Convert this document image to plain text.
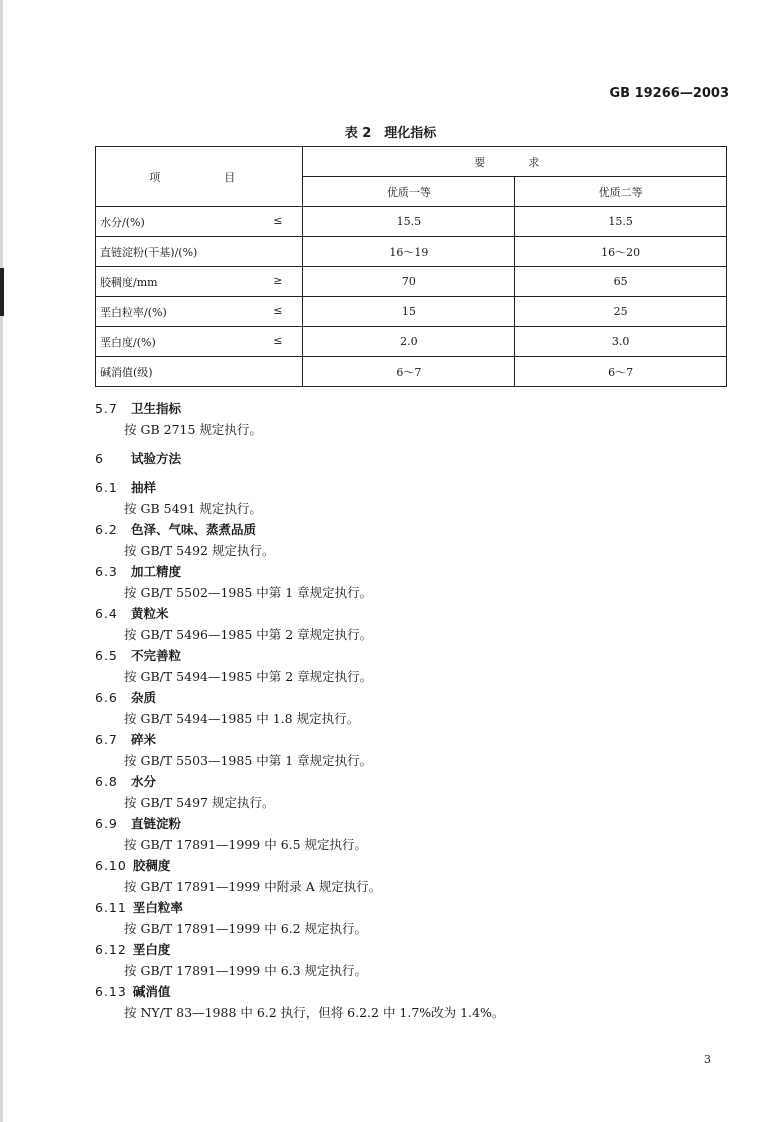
GB 19266—2003
表 2　理化指标
项　　目	要　求	
	优质一等	优质二等

水分/(%) ≤	15.5	15.5

直链淀粉(干基)/(%)	16～19	16～20

胶稠度/mm ≥	70	65

垩白粒率/(%) ≤	15	25

垩白度/(%) ≤	2.0	3.0

碱消值(级)	6～7	6～7
5.7 卫生指标
按 GB 2715 规定执行。
6 试验方法
6.1 抽样
按 GB 5491 规定执行。
6.2 色泽、气味、蒸煮品质
按 GB/T 5492 规定执行。
6.3 加工精度
按 GB/T 5502—1985 中第 1 章规定执行。
6.4 黄粒米
按 GB/T 5496—1985 中第 2 章规定执行。
6.5 不完善粒
按 GB/T 5494—1985 中第 2 章规定执行。
6.6 杂质
按 GB/T 5494—1985 中 1.8 规定执行。
6.7 碎米
按 GB/T 5503—1985 中第 1 章规定执行。
6.8 水分
按 GB/T 5497 规定执行。
6.9 直链淀粉
按 GB/T 17891—1999 中 6.5 规定执行。
6.10 胶稠度
按 GB/T 17891—1999 中附录 A 规定执行。
6.11 垩白粒率
按 GB/T 17891—1999 中 6.2 规定执行。
6.12 垩白度
按 GB/T 17891—1999 中 6.3 规定执行。
6.13 碱消值
按 NY/T 83—1988 中 6.2 执行，但将 6.2.2 中 1.7%改为 1.4%。
3
